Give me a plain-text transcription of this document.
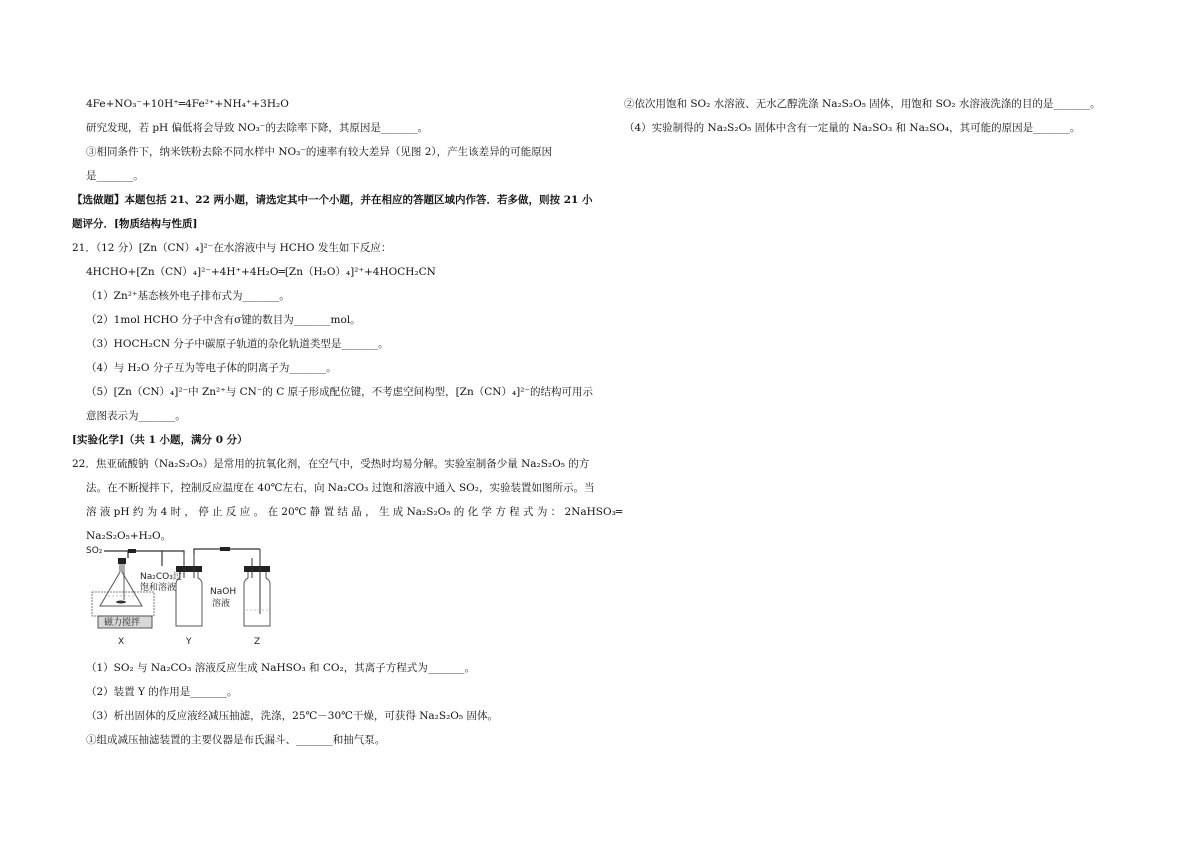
4Fe+NO₃⁻+10H⁺═4Fe²⁺+NH₄⁺+3H₂O
研究发现，若 pH 偏低将会导致 NO₃⁻的去除率下降，其原因是_______。
③相同条件下，纳米铁粉去除不同水样中 NO₃⁻的速率有较大差异（见图 2），产生该差异的可能原因
是_______。
【选做题】本题包括 21、22 两小题，请选定其中一个小题，并在相应的答题区域内作答．若多做，则按 21 小
题评分．[物质结构与性质]
21．（12 分）[Zn（CN）₄]²⁻在水溶液中与 HCHO 发生如下反应：
4HCHO+[Zn（CN）₄]²⁻+4H⁺+4H₂O═[Zn（H₂O）₄]²⁺+4HOCH₂CN
（1）Zn²⁺基态核外电子排布式为_______。
（2）1mol HCHO 分子中含有σ键的数目为_______mol。
（3）HOCH₂CN 分子中碳原子轨道的杂化轨道类型是_______。
（4）与 H₂O 分子互为等电子体的阴离子为_______。
（5）[Zn（CN）₄]²⁻中 Zn²⁺与 CN⁻的 C 原子形成配位键，不考虑空间构型，[Zn（CN）₄]²⁻的结构可用示
意图表示为_______。
[实验化学]（共 1 小题，满分 0 分）
22．焦亚硫酸钠（Na₂S₂O₅）是常用的抗氧化剂，在空气中，受热时均易分解。实验室制备少量 Na₂S₂O₅ 的方
法。在不断搅拌下，控制反应温度在 40℃左右，向 Na₂CO₃ 过饱和溶液中通入 SO₂，实验装置如图所示。当
溶 液 pH 约 为 4 时 ， 停 止 反 应 。 在 20℃ 静 置 结 晶 ， 生 成 Na₂S₂O₅ 的 化 学 方 程 式 为 ： 2NaHSO₃═
Na₂S₂O₅+H₂O。
（1）SO₂ 与 Na₂CO₃ 溶液反应生成 NaHSO₃ 和 CO₂，其离子方程式为_______。
（2）装置 Y 的作用是_______。
（3）析出固体的反应液经减压抽滤，洗涤，25℃－30℃干燥，可获得 Na₂S₂O₅ 固体。
①组成减压抽滤装置的主要仪器是布氏漏斗、_______和抽气泵。
②依次用饱和 SO₂ 水溶液、无水乙醇洗涤 Na₂S₂O₅ 固体，用饱和 SO₂ 水溶液洗涤的目的是_______。
（4）实验制得的 Na₂S₂O₅ 固体中含有一定量的 Na₂SO₃ 和 Na₂SO₄，其可能的原因是_______。
SO₂
Na₂CO₃过
饱和溶液
磁力搅拌
NaOH
溶液
X	Y	Z
